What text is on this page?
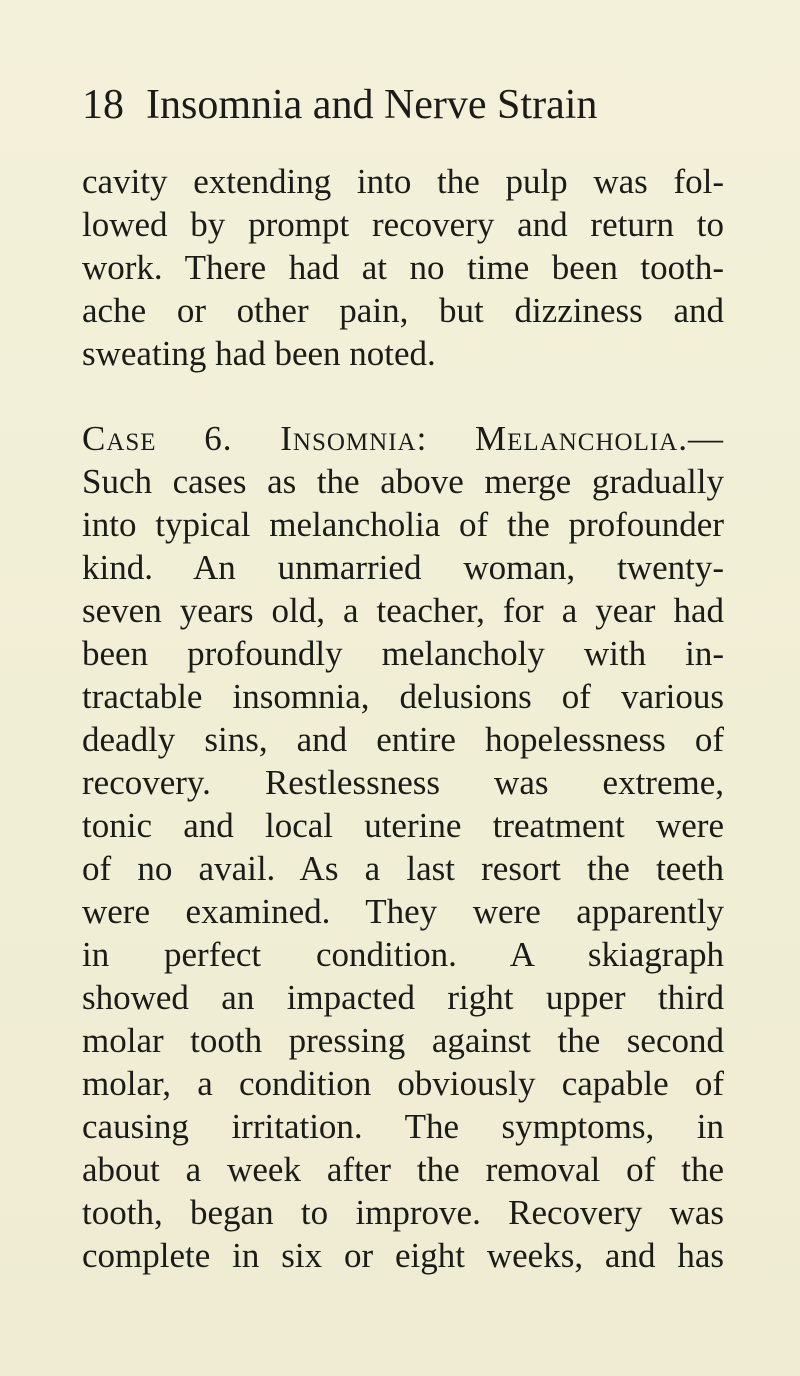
18 Insomnia and Nerve Strain
cavity extending into the pulp was fol-
lowed by prompt recovery and return to
work. There had at no time been tooth-
ache or other pain, but dizziness and
sweating had been noted.
Case 6. Insomnia: Melancholia.—
Such cases as the above merge gradually
into typical melancholia of the profounder
kind. An unmarried woman, twenty-
seven years old, a teacher, for a year had
been profoundly melancholy with in-
tractable insomnia, delusions of various
deadly sins, and entire hopelessness of
recovery. Restlessness was extreme,
tonic and local uterine treatment were
of no avail. As a last resort the teeth
were examined. They were apparently
in perfect condition. A skiagraph
showed an impacted right upper third
molar tooth pressing against the second
molar, a condition obviously capable of
causing irritation. The symptoms, in
about a week after the removal of the
tooth, began to improve. Recovery was
complete in six or eight weeks, and has
